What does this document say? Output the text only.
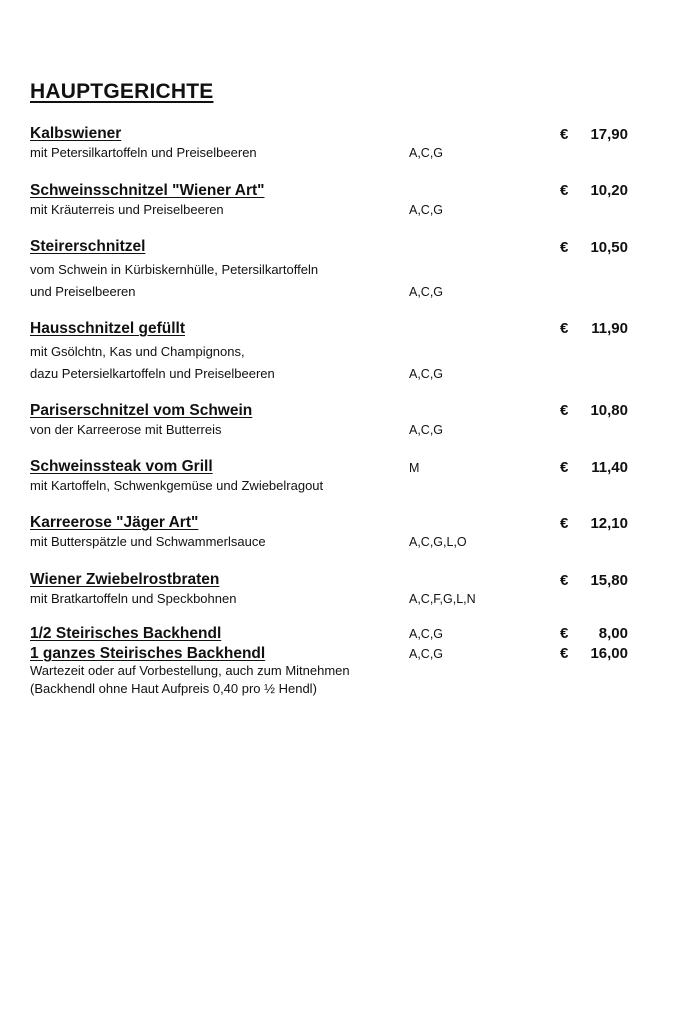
HAUPTGERICHTE
Kalbswiener	€ 17,90
mit Petersilkartoffeln und Preiselbeeren	A,C,G
Schweinsschnitzel "Wiener Art"	€ 10,20
mit Kräuterreis und Preiselbeeren	A,C,G
Steirerschnitzel	€ 10,50
vom Schwein in Kürbiskernhülle, Petersilkartoffeln
und Preiselbeeren	A,C,G
Hausschnitzel gefüllt	€ 11,90
mit Gsölchtn, Kas und Champignons,
dazu Petersielkartoffeln und Preiselbeeren	A,C,G
Pariserschnitzel vom Schwein	€ 10,80
von der Karreerose mit Butterreis	A,C,G
Schweinssteak vom Grill	M	€ 11,40
mit Kartoffeln, Schwenkgemüse und Zwiebelragout
Karreerose "Jäger Art"	€ 12,10
mit Butterspätzle und Schwammerlsauce	A,C,G,L,O
Wiener Zwiebelrostbraten	€ 15,80
mit Bratkartoffeln und Speckbohnen	A,C,F,G,L,N
1/2 Steirisches Backhendl	A,C,G	€ 8,00
1 ganzes Steirisches Backhendl	A,C,G	€ 16,00
Wartezeit oder auf Vorbestellung, auch zum Mitnehmen
(Backhendl ohne Haut Aufpreis 0,40 pro ½ Hendl)
